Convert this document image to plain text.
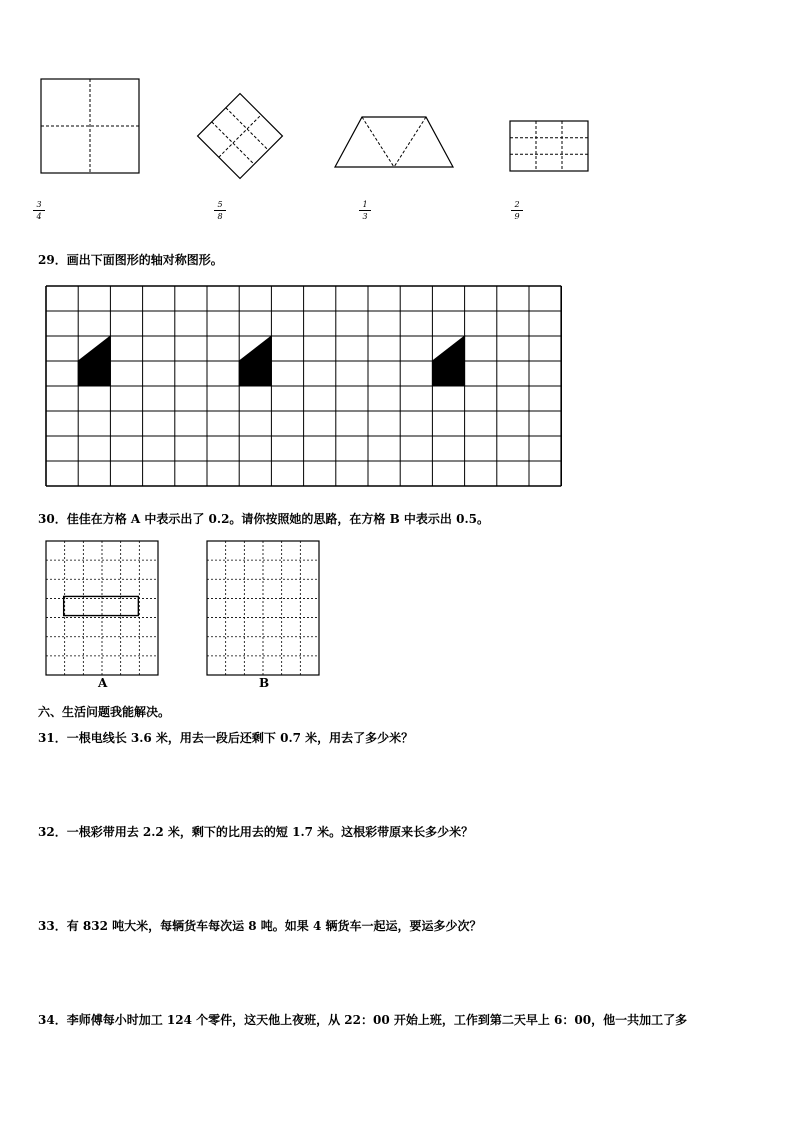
$\frac{3}{4}$	$\frac{5}{8}$	$\frac{1}{3}$	$\frac{2}{9}$
29．画出下面图形的轴对称图形。
30．佳佳在方格 A 中表示出了 0.2。请你按照她的思路，在方格 B 中表示出 0.5。
A	B
六、生活问题我能解决。
31．一根电线长 3.6 米，用去一段后还剩下 0.7 米，用去了多少米？
32．一根彩带用去 2.2 米，剩下的比用去的短 1.7 米。这根彩带原来长多少米？
33．有 832 吨大米，每辆货车每次运 8 吨。如果 4 辆货车一起运，要运多少次？
34．李师傅每小时加工 124 个零件，这天他上夜班，从 22：00 开始上班，工作到第二天早上 6：00，他一共加工了多
